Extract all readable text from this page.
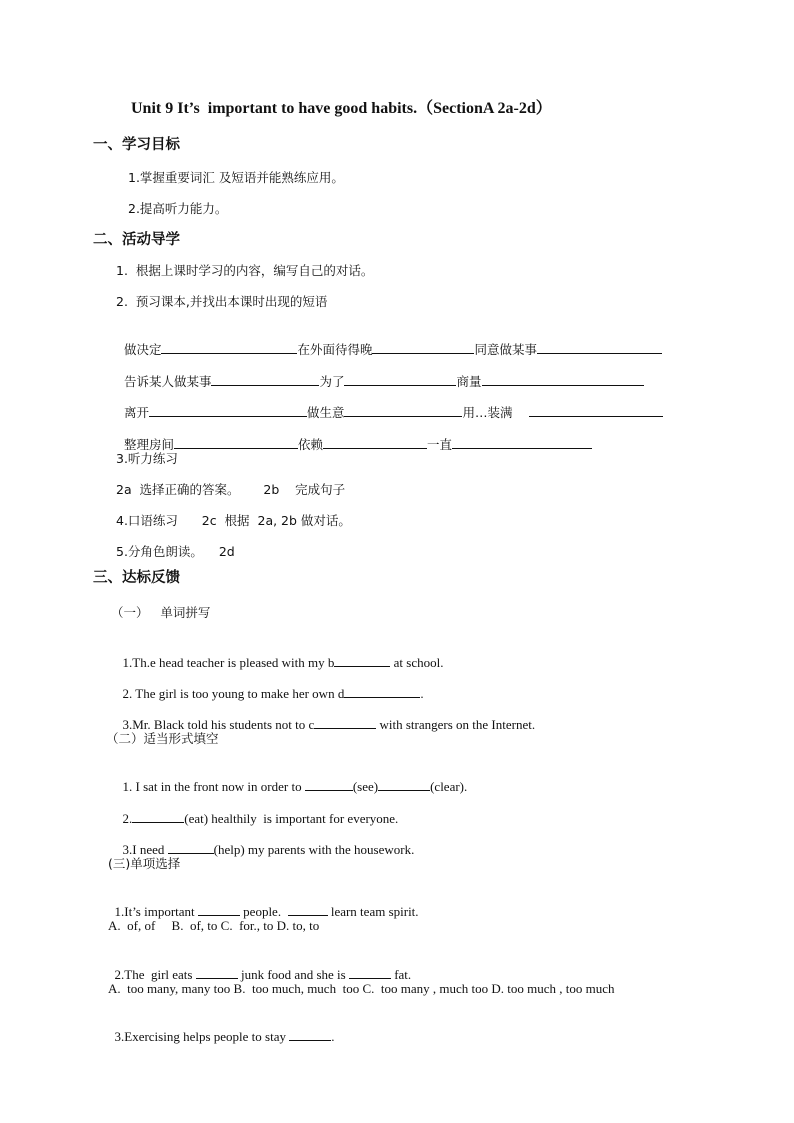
Unit 9 It’s  important to have good habits.（SectionA 2a-2d）
一、学习目标
1.掌握重要词汇 及短语并能熟练应用。
2.提高听力能力。
二、活动导学
1.  根据上课时学习的内容，编写自己的对话。
2.  预习课本,并找出本课时出现的短语

做决定	在外面待得晚	同意做某事

告诉某人做某事	为了	商量

离开	做生意	用…装满

整理房间	依赖	一直

3.听力练习
2a  选择正确的答案。      2b    完成句子
4.口语练习      2c  根据  2a, 2b 做对话。
5.分角色朗读。    2d
三、达标反馈
（一）   单词拼写

1.Th.e head teacher is pleased with my b	at school.

2. The girl is too young to make her own d	.

3.Mr. Black told his students not to c	with strangers on the Internet.

（二）适当形式填空

1. I sat in the front now in order to	(see)	(clear).

2.	(eat) healthily  is important for everyone.

3.I need	(help) my parents with the housework.

(三)单项选择

1.It’s important	people.	learn team spirit.

A.  of, of     B.  of, to C.  for., to D. to, to

2.The  girl eats	junk food and she is	fat.

A.  too many, many too B.  too much, much  too C.  too many , much too D. too much , too much

3.Exercising helps people to stay	.
